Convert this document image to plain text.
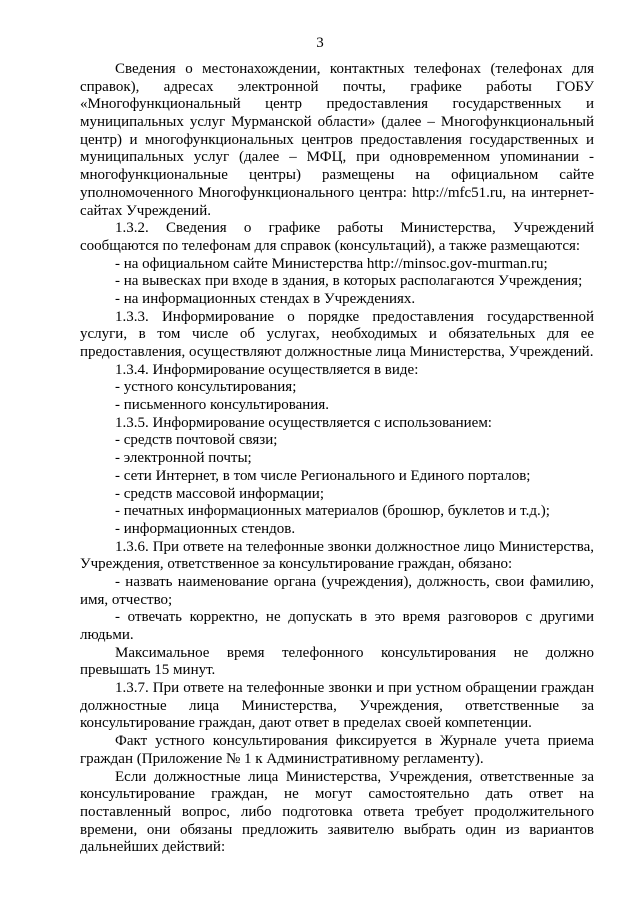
3

Сведения о местонахождении, контактных телефонах (телефонах для справок), адресах электронной почты, графике работы ГОБУ «Многофункциональный центр предоставления государственных и муниципальных услуг Мурманской области» (далее – Многофункциональный центр) и многофункциональных центров предоставления государственных и муниципальных услуг (далее – МФЦ, при одновременном упоминании - многофункциональные центры) размещены на официальном сайте уполномоченного Многофункционального центра: http://mfc51.ru, на интернет-сайтах Учреждений.

1.3.2. Сведения о графике работы Министерства, Учреждений сообщаются по телефонам для справок (консультаций), а также размещаются:

- на официальном сайте Министерства http://minsoc.gov-murman.ru;

- на вывесках при входе в здания, в которых располагаются Учреждения;

- на информационных стендах в Учреждениях.

1.3.3. Информирование о порядке предоставления государственной услуги, в том числе об услугах, необходимых и обязательных для ее предоставления, осуществляют должностные лица Министерства, Учреждений.

1.3.4. Информирование осуществляется в виде:

- устного консультирования;

- письменного консультирования.

1.3.5. Информирование осуществляется с использованием:

- средств почтовой связи;

- электронной почты;

- сети Интернет, в том числе Регионального и Единого порталов;

- средств массовой информации;

- печатных информационных материалов (брошюр, буклетов и т.д.);

- информационных стендов.

1.3.6. При ответе на телефонные звонки должностное лицо Министерства, Учреждения, ответственное за консультирование граждан, обязано:

- назвать наименование органа (учреждения), должность, свои фамилию, имя, отчество;

- отвечать корректно, не допускать в это время разговоров с другими людьми.

Максимальное время телефонного консультирования не должно превышать 15 минут.

1.3.7. При ответе на телефонные звонки и при устном обращении граждан должностные лица Министерства, Учреждения, ответственные за консультирование граждан, дают ответ в пределах своей компетенции.

Факт устного консультирования фиксируется в Журнале учета приема граждан (Приложение № 1 к Административному регламенту).

Если должностные лица Министерства, Учреждения, ответственные за консультирование граждан, не могут самостоятельно дать ответ на поставленный вопрос, либо подготовка ответа требует продолжительного времени, они обязаны предложить заявителю выбрать один из вариантов дальнейших действий:
